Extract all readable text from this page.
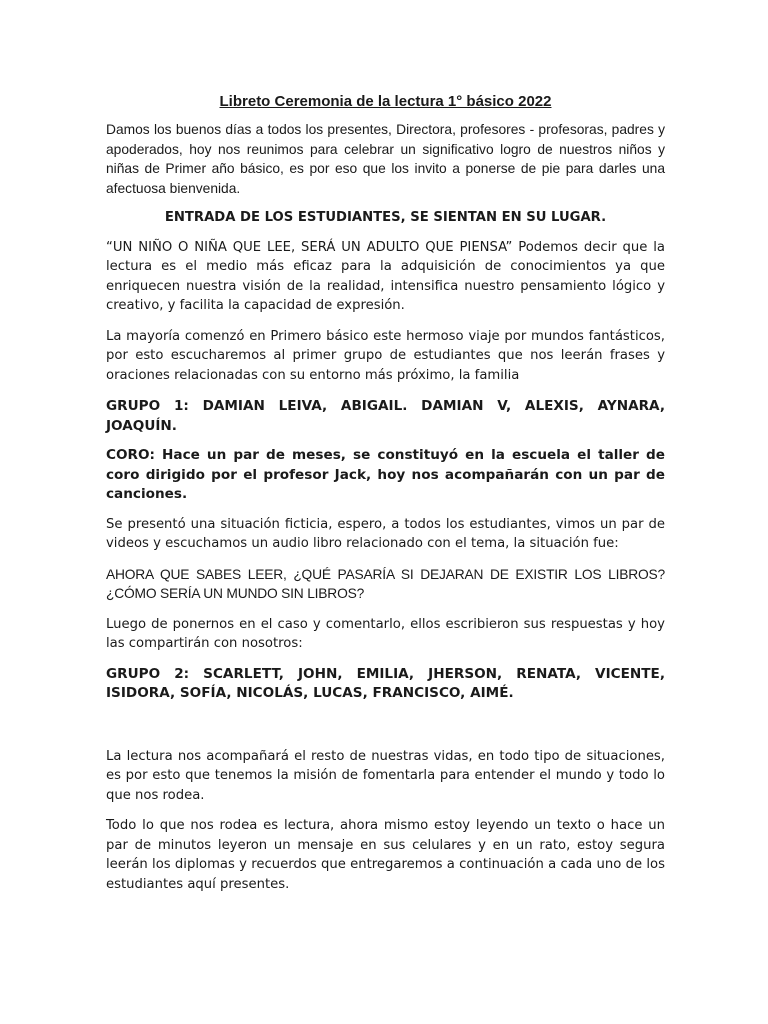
Libreto Ceremonia de la lectura 1° básico 2022

Damos los buenos días a todos los presentes, Directora, profesores - profesoras, padres y apoderados, hoy nos reunimos para celebrar un significativo logro de nuestros niños y niñas de Primer año básico, es por eso que los invito a ponerse de pie para darles una afectuosa bienvenida.

ENTRADA DE LOS ESTUDIANTES, SE SIENTAN EN SU LUGAR.

“UN NIÑO O NIÑA QUE LEE, SERÁ UN ADULTO QUE PIENSA” Podemos decir que la lectura es el medio más eficaz para la adquisición de conocimientos ya que enriquecen nuestra visión de la realidad, intensifica nuestro pensamiento lógico y creativo, y facilita la capacidad de expresión.

La mayoría comenzó en Primero básico este hermoso viaje por mundos fantásticos, por esto escucharemos al primer grupo de estudiantes que nos leerán frases y oraciones relacionadas con su entorno más próximo, la familia

GRUPO 1: DAMIAN LEIVA, ABIGAIL. DAMIAN V, ALEXIS, AYNARA, JOAQUÍN.

CORO: Hace un par de meses, se constituyó en la escuela el taller de coro dirigido por el profesor Jack, hoy nos acompañarán con un par de canciones.

Se presentó una situación ficticia, espero, a todos los estudiantes, vimos un par de videos y escuchamos un audio libro relacionado con el tema, la situación fue:

AHORA QUE SABES LEER, ¿QUÉ PASARÍA SI DEJARAN DE EXISTIR LOS LIBROS? ¿CÓMO SERÍA UN MUNDO SIN LIBROS?

Luego de ponernos en el caso y comentarlo, ellos escribieron sus respuestas y hoy las compartirán con nosotros:

GRUPO 2: SCARLETT, JOHN, EMILIA, JHERSON, RENATA, VICENTE, ISIDORA, SOFÍA, NICOLÁS, LUCAS, FRANCISCO, AIMÉ.

La lectura nos acompañará el resto de nuestras vidas, en todo tipo de situaciones, es por esto que tenemos la misión de fomentarla para entender el mundo y todo lo que nos rodea.

Todo lo que nos rodea es lectura, ahora mismo estoy leyendo un texto o hace un par de minutos leyeron un mensaje en sus celulares y en un rato, estoy segura leerán los diplomas y recuerdos que entregaremos a continuación a cada uno de los estudiantes aquí presentes.
